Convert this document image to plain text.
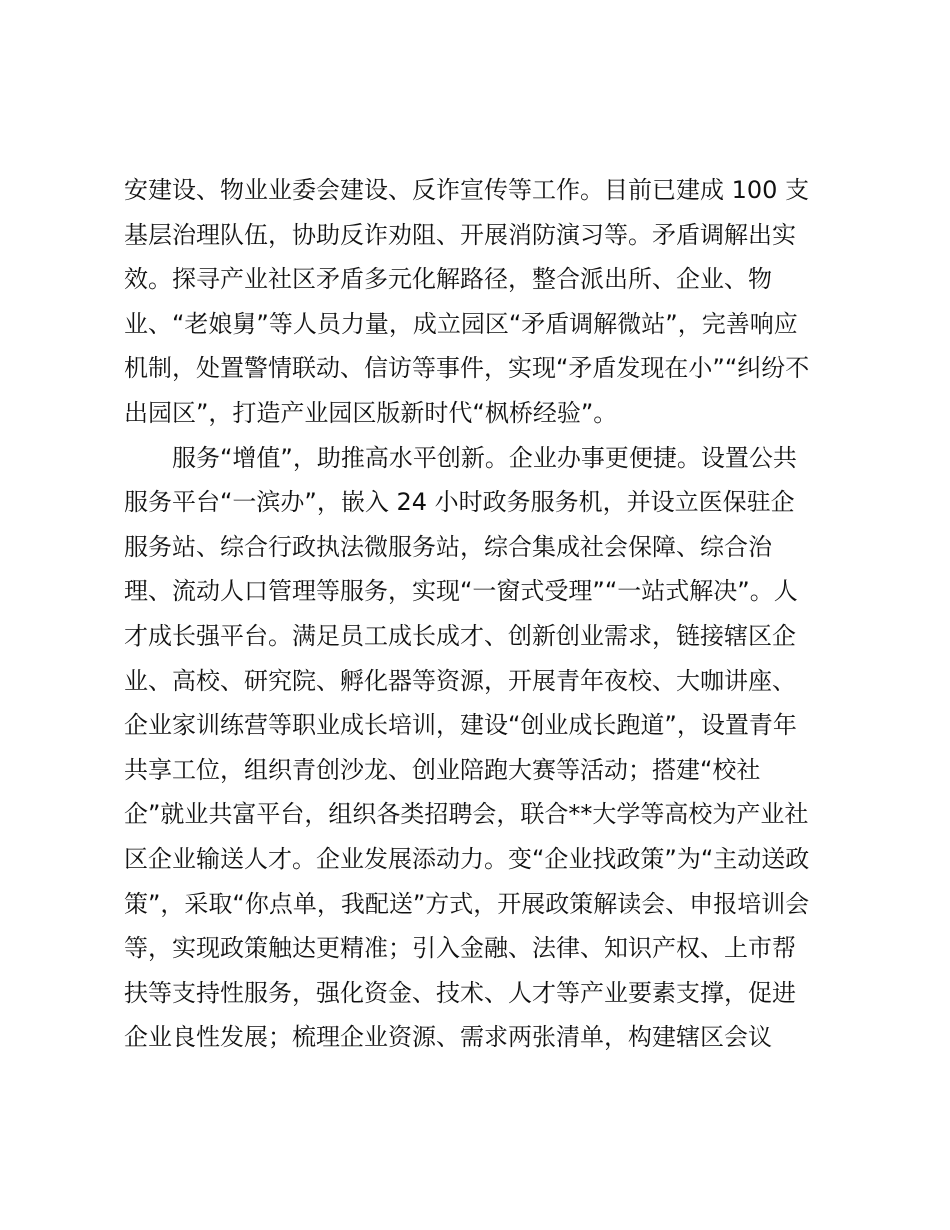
安建设、物业业委会建设、反诈宣传等工作。目前已建成 100 支
基层治理队伍，协助反诈劝阻、开展消防演习等。矛盾调解出实
效。探寻产业社区矛盾多元化解路径，整合派出所、企业、物
业、“老娘舅”等人员力量，成立园区“矛盾调解微站”，完善响应
机制，处置警情联动、信访等事件，实现“矛盾发现在小”“纠纷不
出园区”，打造产业园区版新时代“枫桥经验”。
服务“增值”，助推高水平创新。企业办事更便捷。设置公共
服务平台“一滨办”，嵌入 24 小时政务服务机，并设立医保驻企
服务站、综合行政执法微服务站，综合集成社会保障、综合治
理、流动人口管理等服务，实现“一窗式受理”“一站式解决”。人
才成长强平台。满足员工成长成才、创新创业需求，链接辖区企
业、高校、研究院、孵化器等资源，开展青年夜校、大咖讲座、
企业家训练营等职业成长培训，建设“创业成长跑道”，设置青年
共享工位，组织青创沙龙、创业陪跑大赛等活动；搭建“校社
企”就业共富平台，组织各类招聘会，联合**大学等高校为产业社
区企业输送人才。企业发展添动力。变“企业找政策”为“主动送政
策”，采取“你点单，我配送”方式，开展政策解读会、申报培训会
等，实现政策触达更精准；引入金融、法律、知识产权、上市帮
扶等支持性服务，强化资金、技术、人才等产业要素支撑，促进
企业良性发展；梳理企业资源、需求两张清单，构建辖区会议
